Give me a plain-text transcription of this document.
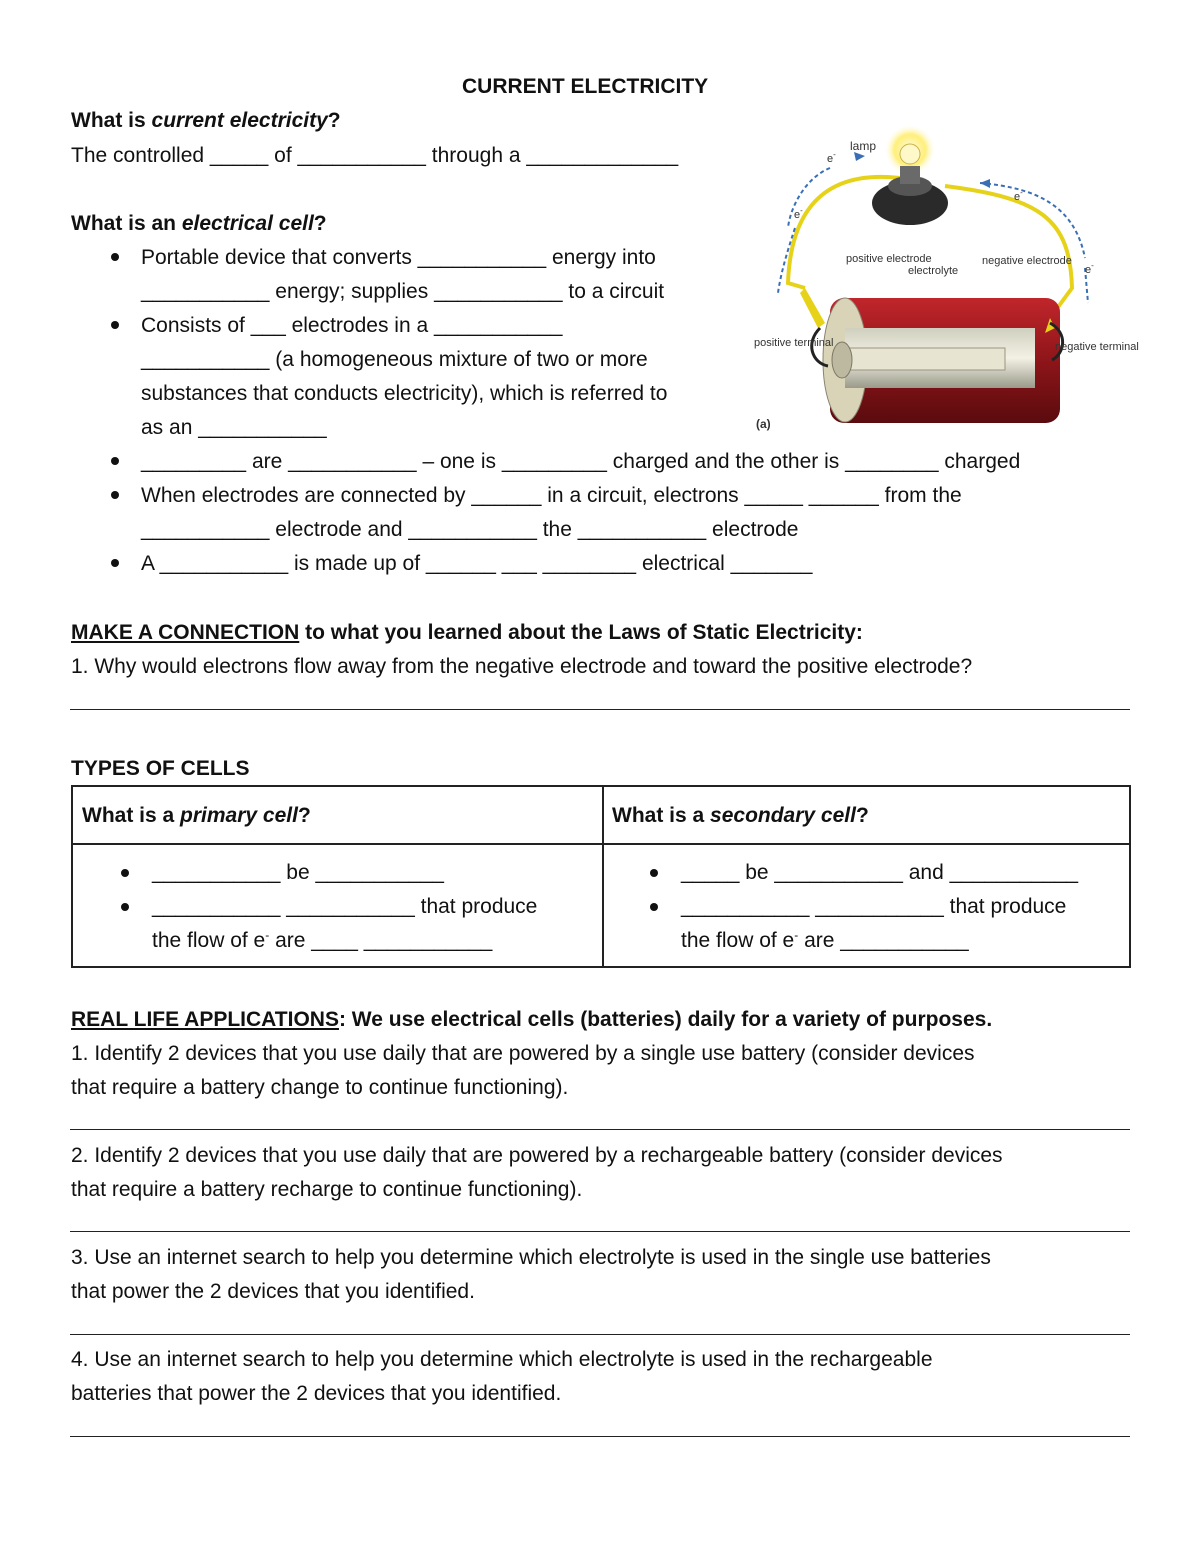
CURRENT ELECTRICITY
What is current electricity?
The controlled _____ of ___________ through a _____________
What is an electrical cell?
Portable device that converts ___________ energy into
___________ energy; supplies ___________ to a circuit
Consists of ___ electrodes in a ___________
___________ (a homogeneous mixture of two or more
substances that conducts electricity), which is referred to
as an ___________
_________ are ___________ – one is _________ charged and the other is ________ charged
When electrodes are connected by ______ in a circuit, electrons _____ ______ from the
___________ electrode and ___________ the ___________ electrode
A ___________ is made up of ______ ___ ________ electrical _______
lamp
e-
e-
e-
e-
positive electrode
electrolyte
negative electrode
positive terminal	negative terminal
(a)
MAKE A CONNECTION to what you learned about the Laws of Static Electricity:
1. Why would electrons flow away from the negative electrode and toward the positive electrode?
TYPES OF CELLS
What is a primary cell?
___________ be ___________
___________ ___________ that produce
the flow of e- are ____ ___________
What is a secondary cell?
_____ be ___________ and ___________
___________ ___________ that produce
the flow of e- are ___________
REAL LIFE APPLICATIONS: We use electrical cells (batteries) daily for a variety of purposes.
1. Identify 2 devices that you use daily that are powered by a single use battery (consider devices
that require a battery change to continue functioning).
2. Identify 2 devices that you use daily that are powered by a rechargeable battery (consider devices
that require a battery recharge to continue functioning).
3. Use an internet search to help you determine which electrolyte is used in the single use batteries
that power the 2 devices that you identified.
4. Use an internet search to help you determine which electrolyte is used in the rechargeable
batteries that power the 2 devices that you identified.
